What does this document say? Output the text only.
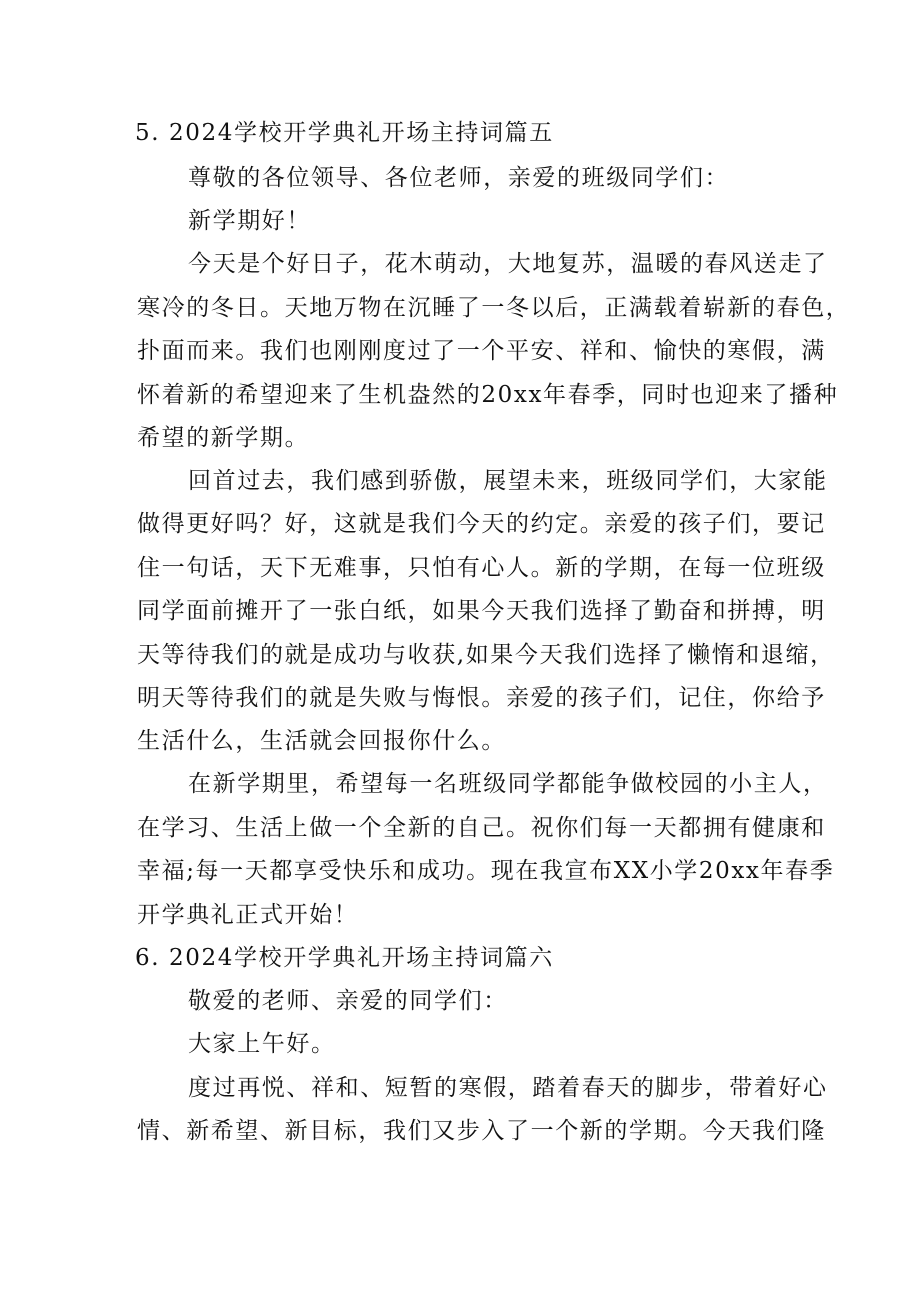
5. 2024学校开学典礼开场主持词篇五
尊敬的各位领导、各位老师，亲爱的班级同学们：
新学期好！
今天是个好日子，花木萌动，大地复苏，温暖的春风送走了
寒冷的冬日。天地万物在沉睡了一冬以后，正满载着崭新的春色，
扑面而来。我们也刚刚度过了一个平安、祥和、愉快的寒假，满
怀着新的希望迎来了生机盎然的20xx年春季，同时也迎来了播种
希望的新学期。
回首过去，我们感到骄傲，展望未来，班级同学们，大家能
做得更好吗？好，这就是我们今天的约定。亲爱的孩子们，要记
住一句话，天下无难事，只怕有心人。新的学期，在每一位班级
同学面前摊开了一张白纸，如果今天我们选择了勤奋和拼搏，明
天等待我们的就是成功与收获,如果今天我们选择了懒惰和退缩，
明天等待我们的就是失败与悔恨。亲爱的孩子们，记住，你给予
生活什么，生活就会回报你什么。
在新学期里，希望每一名班级同学都能争做校园的小主人，
在学习、生活上做一个全新的自己。祝你们每一天都拥有健康和
幸福;每一天都享受快乐和成功。现在我宣布XX小学20xx年春季
开学典礼正式开始！
6. 2024学校开学典礼开场主持词篇六
敬爱的老师、亲爱的同学们：
大家上午好。
度过再悦、祥和、短暂的寒假，踏着春天的脚步，带着好心
情、新希望、新目标，我们又步入了一个新的学期。今天我们隆
